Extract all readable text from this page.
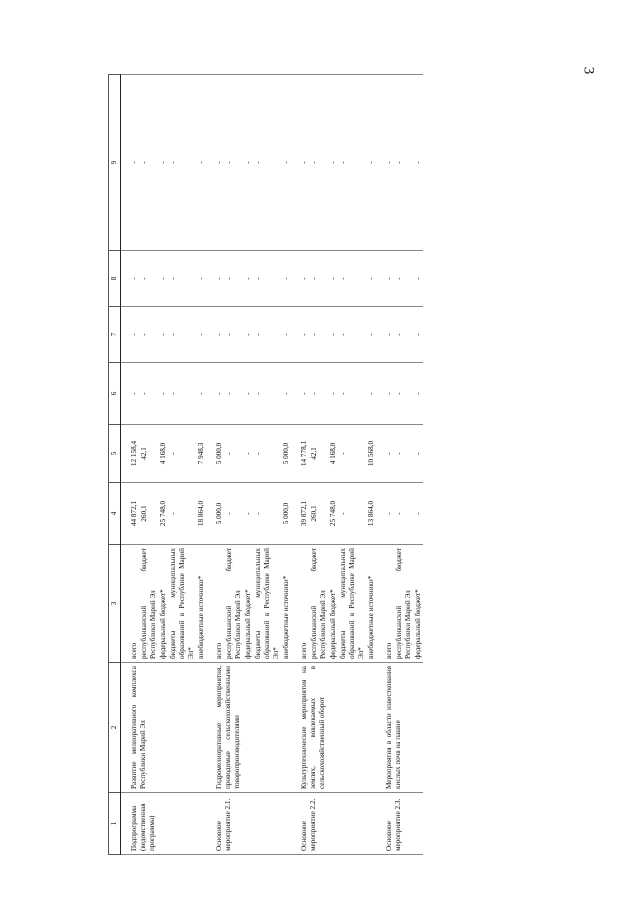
3
1	2	3	4	5	6	7	8	9
Подпрограмма (ведомственная программа)	Развитие мелиоративного комплекса Республики Марий Эл	всего	44 872,1	12 158,4	-	-	-	-
		республиканский бюджет Республики Марий Эл	260,1	42,1	-	-	-	-
		федеральный бюджет*	25 748,0	4 168,0	-	-	-	-
		бюджеты муниципальных образований в Республике Марий Эл*	-	-	-	-	-	-
		внебюджетные источники*	18 864,0	7 948,3	-	-	-	-
Основное мероприятие 2.1.	Гидромелиоративные мероприятия, проводимые сельскохозяйственными товаропроизводителями	всего	5 000,0	5 000,0	-	-	-	-
		республиканский бюджет Республики Марий Эл	-	-	-	-	-	-
		федеральный бюджет*	-	-	-	-	-	-
		бюджеты муниципальных образований в Республике Марий Эл*	-	-	-	-	-	-
		внебюджетные источники*	5 000,0	5 000,0	-	-	-	-
Основное мероприятие 2.2.	Культуртехнические мероприятия на землях, вовлекаемых в сельскохозяйственный оборот	всего	39 872,1	14 778,1	-	-	-	-
		республиканский бюджет Республики Марий Эл	260,1	42,1	-	-	-	-
		федеральный бюджет*	25 748,0	4 168,0	-	-	-	-
		бюджеты муниципальных образований в Республике Марий Эл*	-	-	-	-	-	-
		внебюджетные источники*	13 864,0	10 568,0	-	-	-	-
Основное мероприятие 2.3.	Мероприятия в области известкования кислых почв на пашне	всего	-	-	-	-	-	-
		республиканский бюджет Республики Марий Эл	-	-	-	-	-	-
		федеральный бюджет*	-	-	-	-	-	-
